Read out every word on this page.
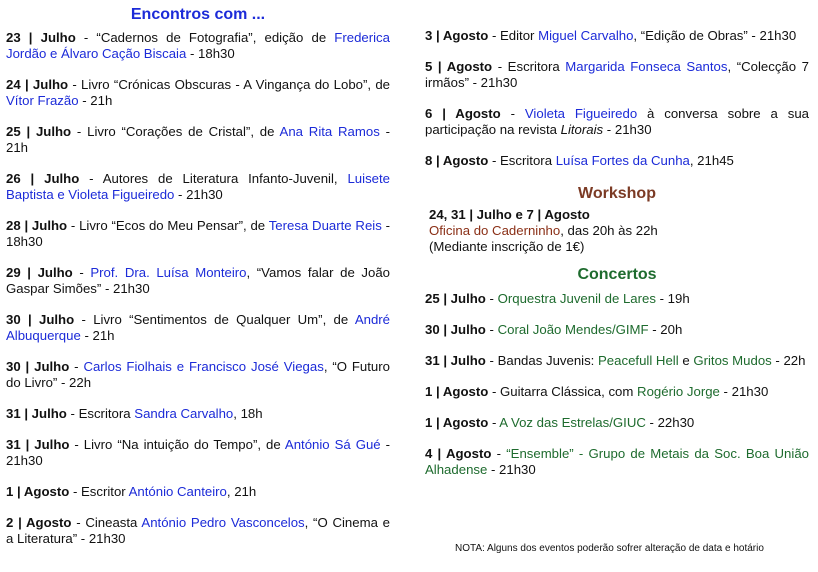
Encontros com ...
23 | Julho - “Cadernos de Fotografia”, edição de Frederica Jordão e Álvaro Cação Biscaia - 18h30
24 | Julho - Livro “Crónicas Obscuras - A Vingança do Lobo”, de Vítor Frazão - 21h
25 | Julho - Livro “Corações de Cristal”, de Ana Rita Ramos - 21h
26 | Julho - Autores de Literatura Infanto-Juvenil, Luisete Baptista e Violeta Figueiredo - 21h30
28 | Julho - Livro “Ecos do Meu Pensar”, de Teresa Duarte Reis - 18h30
29 | Julho - Prof. Dra. Luísa Monteiro, “Vamos falar de João Gaspar Simões” - 21h30
30 | Julho - Livro “Sentimentos de Qualquer Um”, de André Albuquerque - 21h
30 | Julho - Carlos Fiolhais e Francisco José Viegas, “O Futuro do Livro” - 22h
31 | Julho - Escritora Sandra Carvalho, 18h
31 | Julho - Livro “Na intuição do Tempo”, de António Sá Gué - 21h30
1 | Agosto - Escritor António Canteiro, 21h
2 | Agosto - Cineasta António Pedro Vasconcelos, “O Cinema e a Literatura” - 21h30
3 | Agosto - Editor Miguel Carvalho, “Edição de Obras” - 21h30
5 | Agosto - Escritora Margarida Fonseca Santos, “Colecção 7 irmãos” - 21h30
6 | Agosto - Violeta Figueiredo à conversa sobre a sua participação na revista Litorais - 21h30
8 | Agosto - Escritora Luísa Fortes da Cunha, 21h45
Workshop
24, 31 | Julho e 7 | Agosto
Oficina do Caderninho, das 20h às 22h
(Mediante inscrição de 1€)
Concertos
25 | Julho - Orquestra Juvenil de Lares - 19h
30 | Julho - Coral João Mendes/GIMF - 20h
31 | Julho - Bandas Juvenis: Peacefull Hell e Gritos Mudos - 22h
1 | Agosto - Guitarra Clássica, com Rogério Jorge - 21h30
1 | Agosto - A Voz das Estrelas/GIUC - 22h30
4 | Agosto - “Ensemble” - Grupo de Metais da Soc. Boa União Alhadense - 21h30
NOTA: Alguns dos eventos poderão sofrer alteração de data e hotário
